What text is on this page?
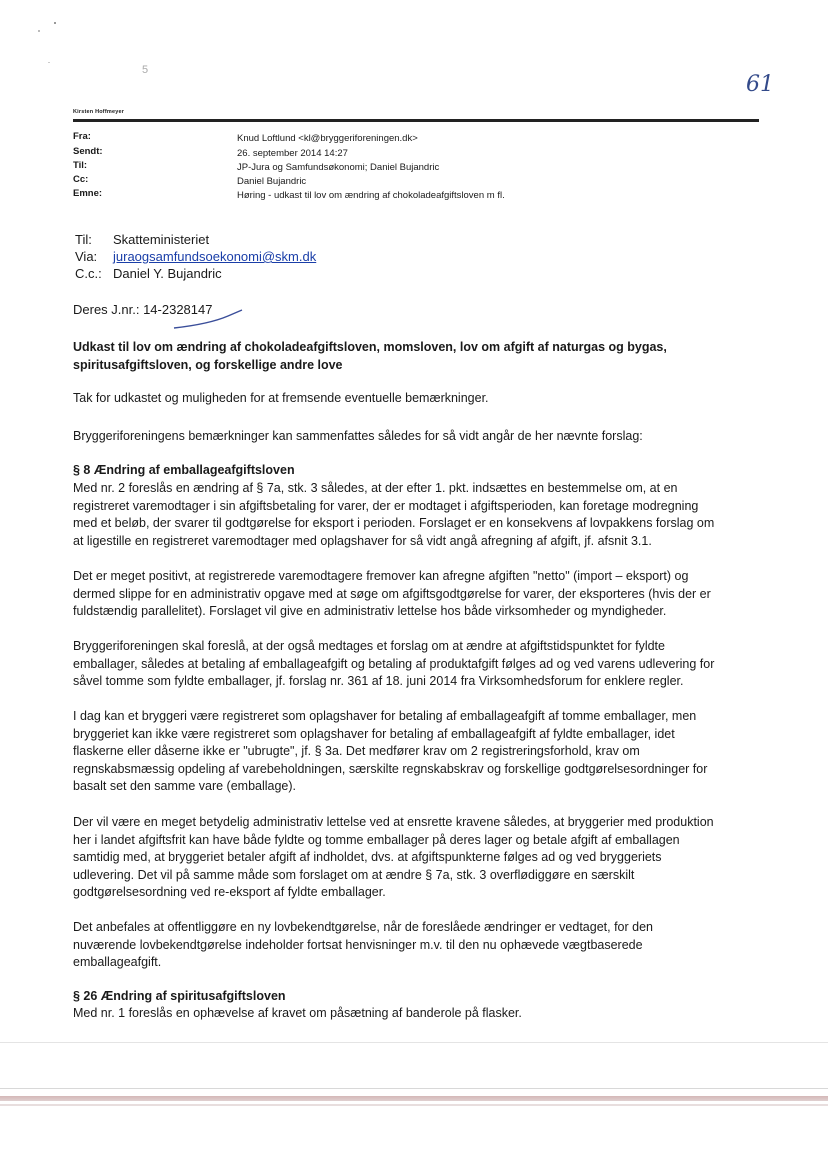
5
61
Kirsten Hoffmeyer
Fra:	Knud Loftlund <kl@bryggeriforeningen.dk>
Sendt:	26. september 2014 14:27
Til:	JP-Jura og Samfundsøkonomi; Daniel Bujandric
Cc:	Daniel Bujandric
Emne:	Høring - udkast til lov om ændring af chokoladeafgiftsloven m fl.
Til: Skatteministeriet
Via: juraogsamfundsoekonomi@skm.dk
C.c.: Daniel Y. Bujandric
Deres J.nr.: 14-2328147
Udkast til lov om ændring af chokoladeafgiftsloven, momsloven, lov om afgift af naturgas og bygas,
spiritusafgiftsloven, og forskellige andre love

Tak for udkastet og muligheden for at fremsende eventuelle bemærkninger.

Bryggeriforeningens bemærkninger kan sammenfattes således for så vidt angår de her nævnte forslag:

§ 8 Ændring af emballageafgiftsloven
Med nr. 2 foreslås en ændring af § 7a, stk. 3 således, at der efter 1. pkt. indsættes en bestemmelse om, at en
registreret varemodtager i sin afgiftsbetaling for varer, der er modtaget i afgiftsperioden, kan foretage modregning
med et beløb, der svarer til godtgørelse for eksport i perioden. Forslaget er en konsekvens af lovpakkens forslag om
at ligestille en registreret varemodtager med oplagshaver for så vidt angå afregning af afgift, jf. afsnit 3.1.
Det er meget positivt, at registrerede varemodtagere fremover kan afregne afgiften "netto" (import – eksport) og
dermed slippe for en administrativ opgave med at søge om afgiftsgodtgørelse for varer, der eksporteres (hvis der er
fuldstændig parallelitet). Forslaget vil give en administrativ lettelse hos både virksomheder og myndigheder.
Bryggeriforeningen skal foreslå, at der også medtages et forslag om at ændre at afgiftstidspunktet for fyldte
emballager, således at betaling af emballageafgift og betaling af produktafgift følges ad og ved varens udlevering for
såvel tomme som fyldte emballager, jf. forslag nr. 361 af 18. juni 2014 fra Virksomhedsforum for enklere regler.
I dag kan et bryggeri være registreret som oplagshaver for betaling af emballageafgift af tomme emballager, men
bryggeriet kan ikke være registreret som oplagshaver for betaling af emballageafgift af fyldte emballager, idet
flaskerne eller dåserne ikke er "ubrugte", jf. § 3a. Det medfører krav om 2 registreringsforhold, krav om
regnskabsmæssig opdeling af varebeholdningen, særskilte regnskabskrav og forskellige godtgørelsesordninger for
basalt set den samme vare (emballage).
Der vil være en meget betydelig administrativ lettelse ved at ensrette kravene således, at bryggerier med produktion
her i landet afgiftsfrit kan have både fyldte og tomme emballager på deres lager og betale afgift af emballagen
samtidig med, at bryggeriet betaler afgift af indholdet, dvs. at afgiftspunkterne følges ad og ved bryggeriets
udlevering. Det vil på samme måde som forslaget om at ændre § 7a, stk. 3 overflødiggøre en særskilt
godtgørelsesordning ved re-eksport af fyldte emballager.
Det anbefales at offentliggøre en ny lovbekendtgørelse, når de foreslåede ændringer er vedtaget, for den
nuværende lovbekendtgørelse indeholder fortsat henvisninger m.v. til den nu ophævede vægtbaserede
emballageafgift.
§ 26 Ændring af spiritusafgiftsloven

Med nr. 1 foreslås en ophævelse af kravet om påsætning af banderole på flasker.
